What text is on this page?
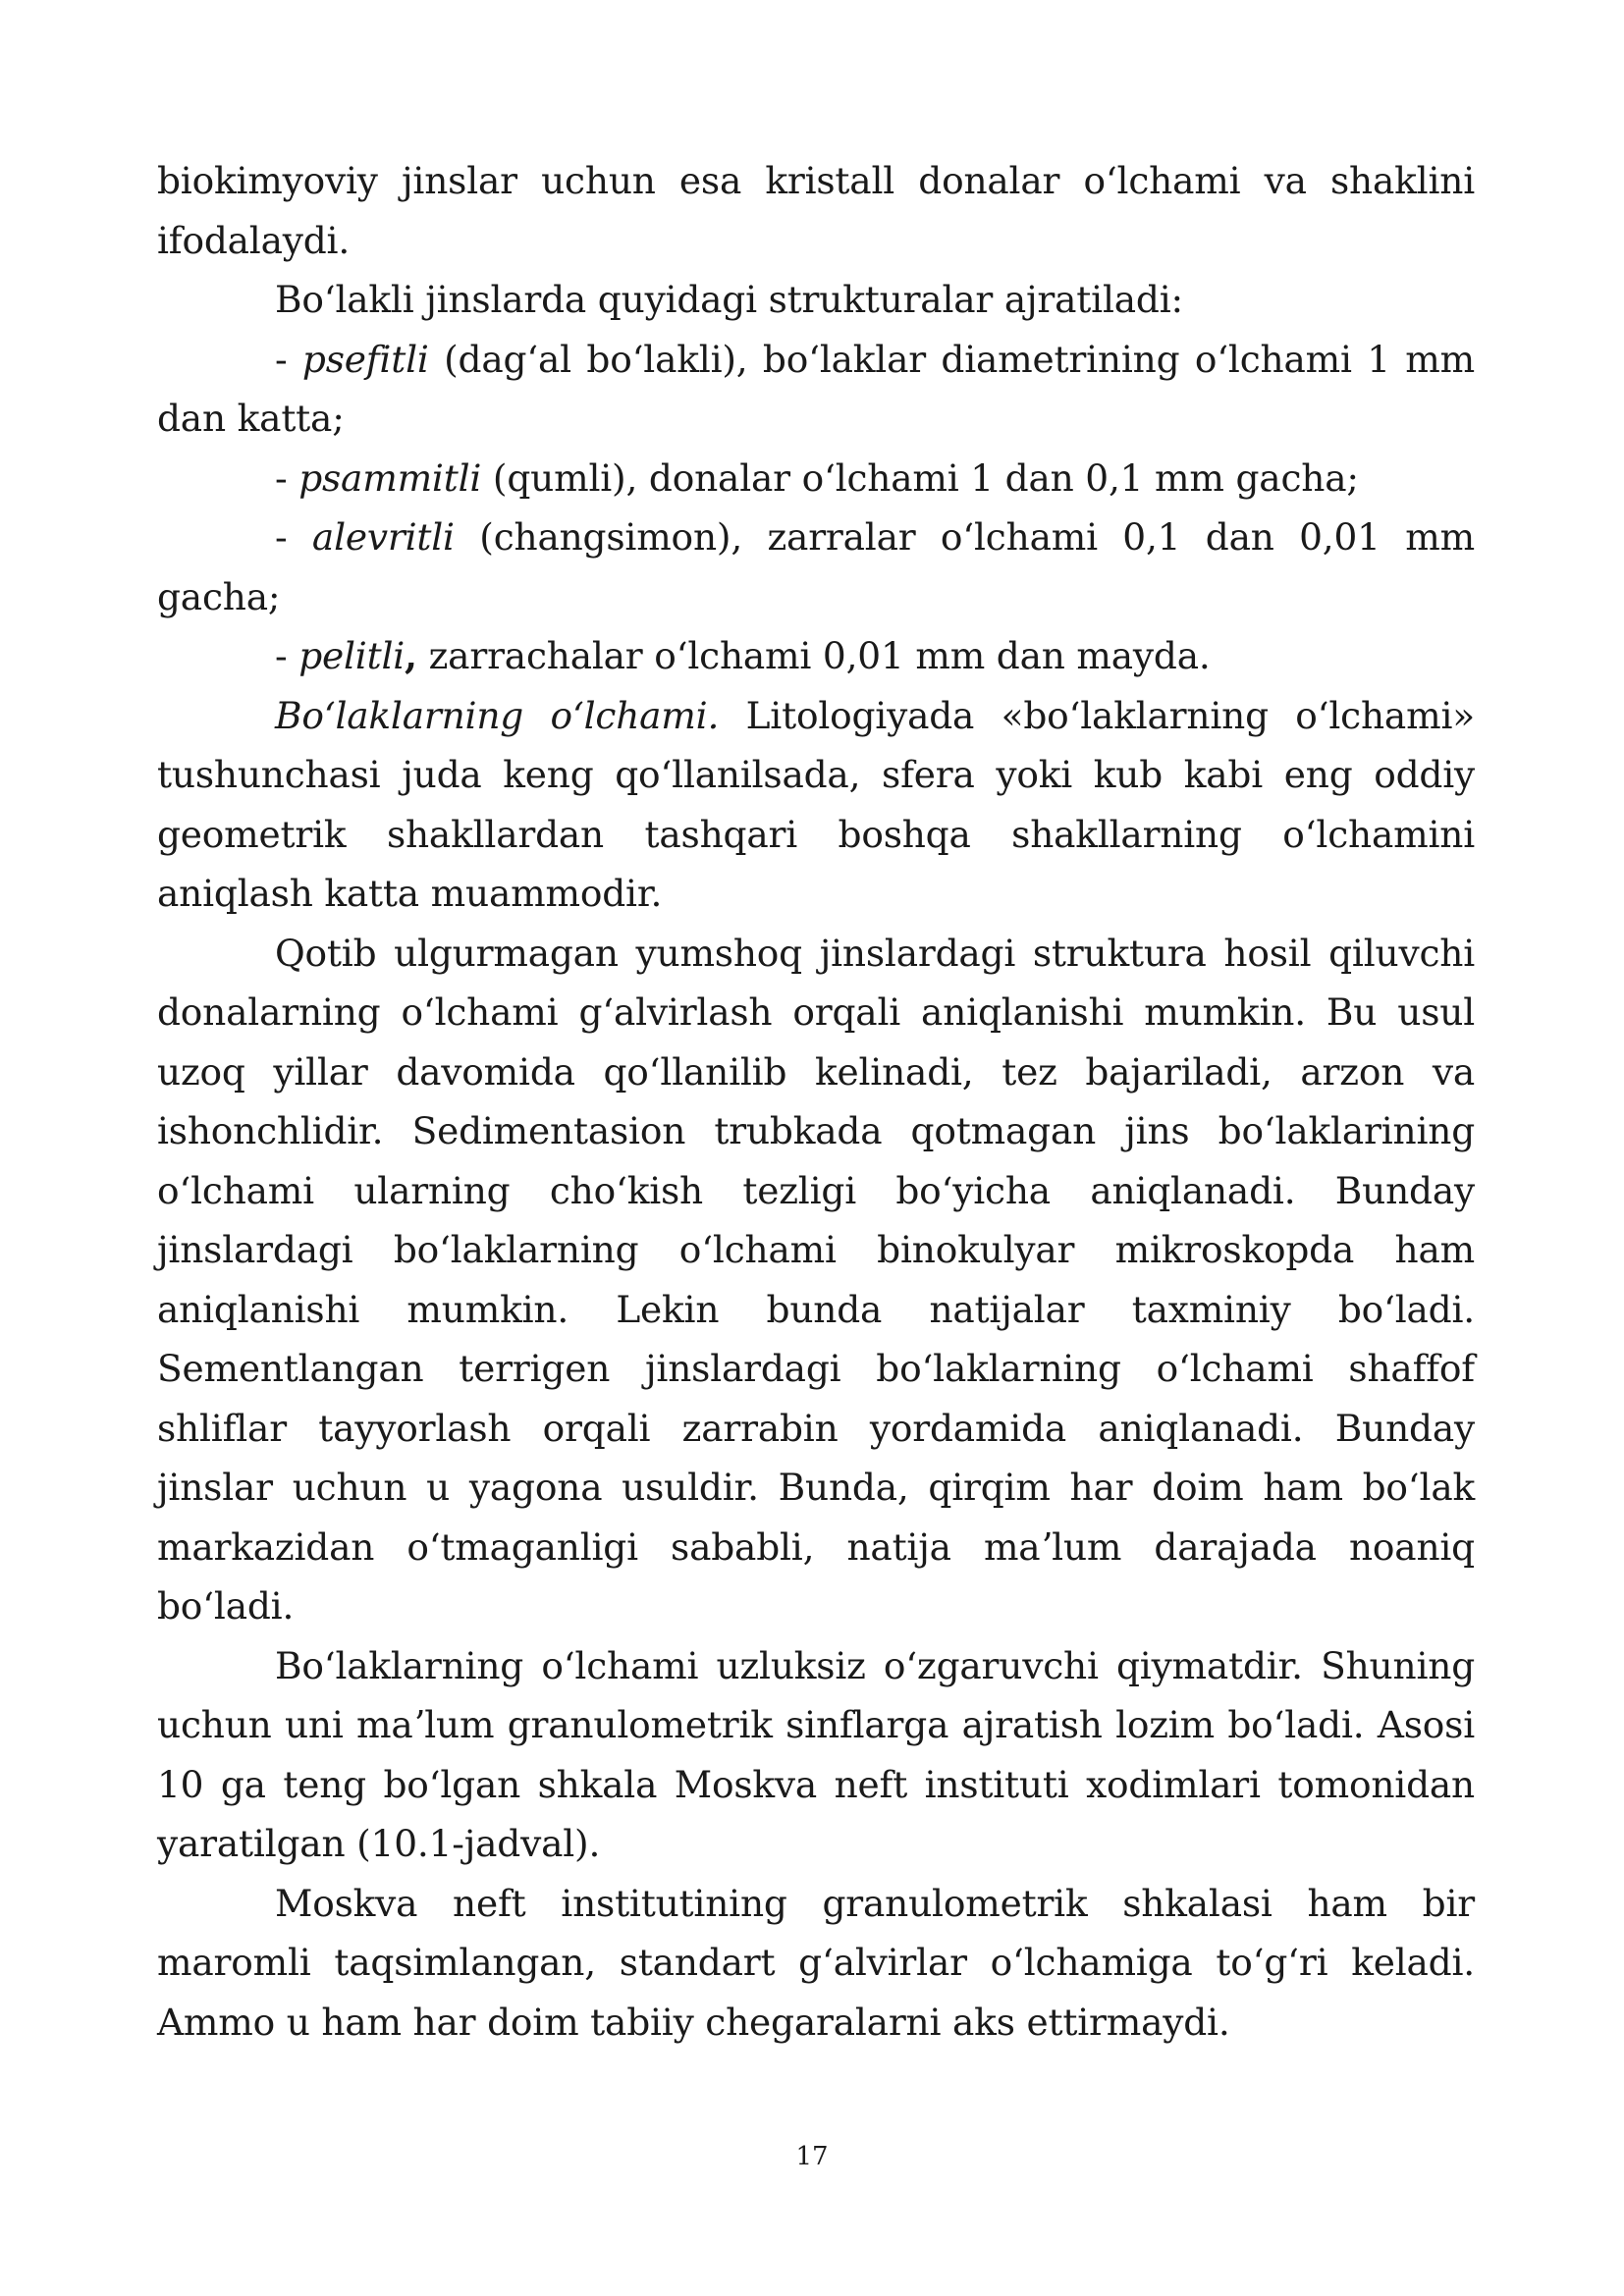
biokimyoviy jinslar uchun esa kristall donalar oʻlchami va shaklini ifodalaydi.

Boʻlakli jinslarda quyidagi strukturalar ajratiladi:

- psefitli (dagʻal boʻlakli), boʻlaklar diametrining oʻlchami 1 mm dan katta;

- psammitli (qumli), donalar oʻlchami 1 dan 0,1 mm gacha;

- alevritli (changsimon), zarralar oʻlchami 0,1 dan 0,01 mm gacha;

- pelitli, zarrachalar oʻlchami 0,01 mm dan mayda.

Boʻlaklarning oʻlchami. Litologiyada «boʻlaklarning oʻlchami» tushunchasi juda keng qoʻllanilsada, sfera yoki kub kabi eng oddiy geometrik shakllardan tashqari boshqa shakllarning oʻlchamini aniqlash katta muammodir.

Qotib ulgurmagan yumshoq jinslardagi struktura hosil qiluvchi donalarning oʻlchami gʻalvirlash orqali aniqlanishi mumkin. Bu usul uzoq yillar davomida qoʻllanilib kelinadi, tez bajariladi, arzon va ishonchlidir. Sedimentasion trubkada qotmagan jins boʻlaklarining oʻlchami ularning choʻkish tezligi boʻyicha aniqlanadi. Bunday jinslardagi boʻlaklarning oʻlchami binokulyar mikroskopda ham aniqlanishi mumkin. Lekin bunda natijalar taxminiy boʻladi. Sementlangan terrigen jinslardagi boʻlaklarning oʻlchami shaffof shliflar tayyorlash orqali zarrabin yordamida aniqlanadi. Bunday jinslar uchun u yagona usuldir. Bunda, qirqim har doim ham boʻlak markazidan oʻtmaganligi sababli, natija maʼlum darajada noaniq boʻladi.

Boʻlaklarning oʻlchami uzluksiz oʻzgaruvchi qiymatdir. Shuning uchun uni maʼlum granulometrik sinflarga ajratish lozim boʻladi. Asosi 10 ga teng boʻlgan shkala Moskva neft instituti xodimlari tomonidan yaratilgan (10.1-jadval).

Moskva neft institutining granulometrik shkalasi ham bir maromli taqsimlangan, standart gʻalvirlar oʻlchamiga toʻgʻri keladi. Ammo u ham har doim tabiiy chegaralarni aks ettirmaydi.

17
